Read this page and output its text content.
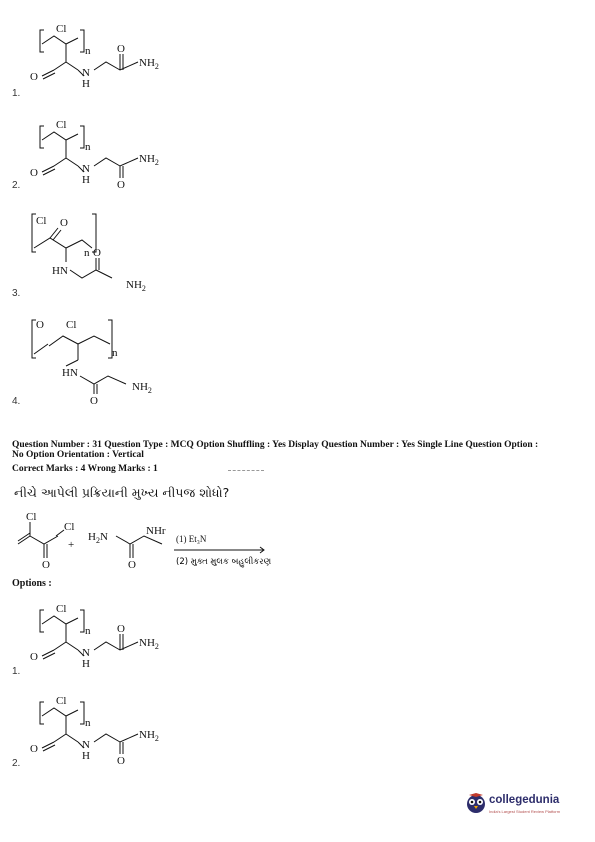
Cl
n
O	N
H
O
$NH_2$
1.
Cl
n
O	N
H O
$NH_2$
2.
Cl O
n
HN
O
$NH_2$
3.
O Cl
n
HN
O
$NH_2$
4.
Question Number : 31 Question Type : MCQ Option Shuffling : Yes Display Question Number : Yes Single Line Question Option :
No Option Orientation : Vertical
Correct Marks : 4 Wrong Marks : 1
નીચે આપેલી પ્રક્રિયાની મુખ્ય નીપજ શોધો?
Cl
Cl
O
+
$H_2N$
O
NHr
(1) Et₃N
(2) મુક્ત મુલક બહુલીકરણ
Options :
Cl
n
O	N
H
O
$NH_2$
1.
Cl
n
O	N
H O
$NH_2$
2.
collegedunia
India's Largest Student Review Platform
